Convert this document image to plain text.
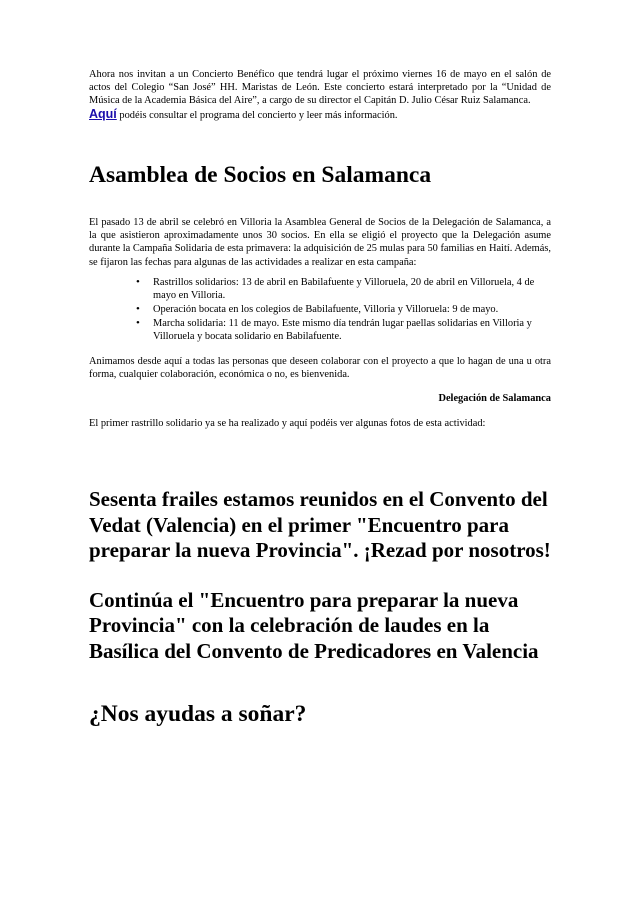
Ahora nos invitan a un Concierto Benéfico que tendrá lugar el próximo viernes 16 de mayo en el salón de actos del Colegio “San José” HH. Maristas de León. Este concierto estará interpretado por la “Unidad de Música de la Academia Básica del Aire”, a cargo de su director el Capitán D. Julio César Ruiz Salamanca.

Aquí podéis consultar el programa del concierto y leer más información.

Asamblea de Socios en Salamanca

El pasado 13 de abril se celebró en Villoria la Asamblea General de Socios de la Delegación de Salamanca, a la que asistieron aproximadamente unos 30 socios. En ella se eligió el proyecto que la Delegación asume durante la Campaña Solidaria de esta primavera: la adquisición de 25 mulas para 50 familias en Haití. Además, se fijaron las fechas para algunas de las actividades a realizar en esta campaña:

• Rastrillos solidarios: 13 de abril en Babilafuente y Villoruela, 20 de abril en Villoruela, 4 de mayo en Villoria.
• Operación bocata en los colegios de Babilafuente, Villoria y Villoruela: 9 de mayo.
• Marcha solidaria: 11 de mayo. Este mismo día tendrán lugar paellas solidarias en Villoria y Villoruela y bocata solidario en Babilafuente.

Animamos desde aquí a todas las personas que deseen colaborar con el proyecto a que lo hagan de una u otra forma, cualquier colaboración, económica o no, es bienvenida.

Delegación de Salamanca

El primer rastrillo solidario ya se ha realizado y aquí podéis ver algunas fotos de esta actividad:

Sesenta frailes estamos reunidos en el Convento del Vedat (Valencia) en el primer "Encuentro para preparar la nueva Provincia". ¡Rezad por nosotros!
Continúa el "Encuentro para preparar la nueva Provincia" con la celebración de laudes en la Basílica del Convento de Predicadores en Valencia
¿Nos ayudas a soñar?
